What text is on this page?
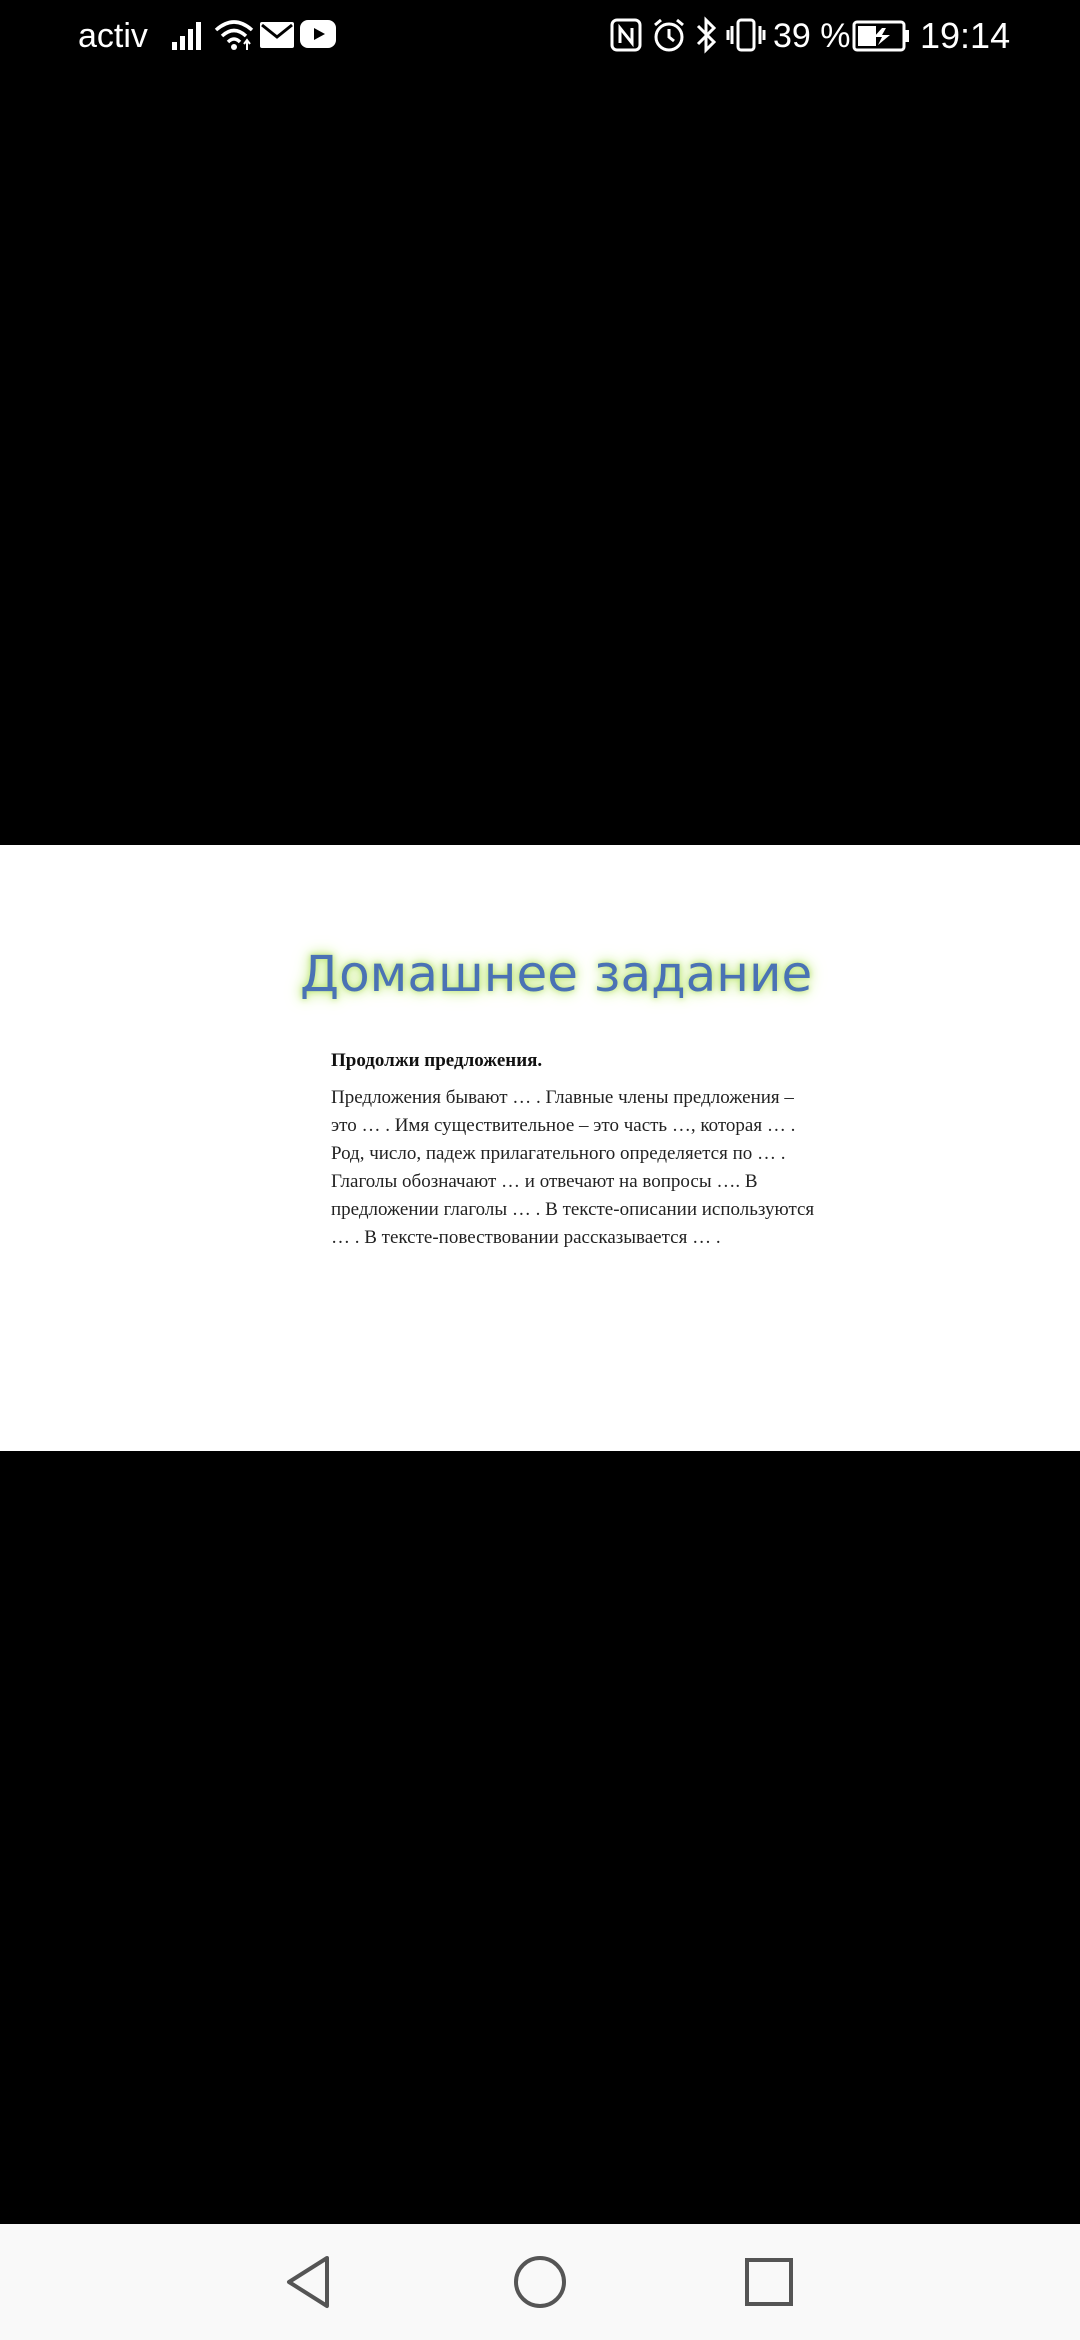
activ	39 % 19:14
Домашнее задание
Продолжи предложения.
Предложения бывают … . Главные члены предложения –
это … . Имя существительное – это часть …, которая … .
Род, число, падеж прилагательного определяется по … .
Глаголы обозначают … и отвечают на вопросы …. В
предложении глаголы … . В тексте-описании используются
… . В тексте-повествовании рассказывается … .
